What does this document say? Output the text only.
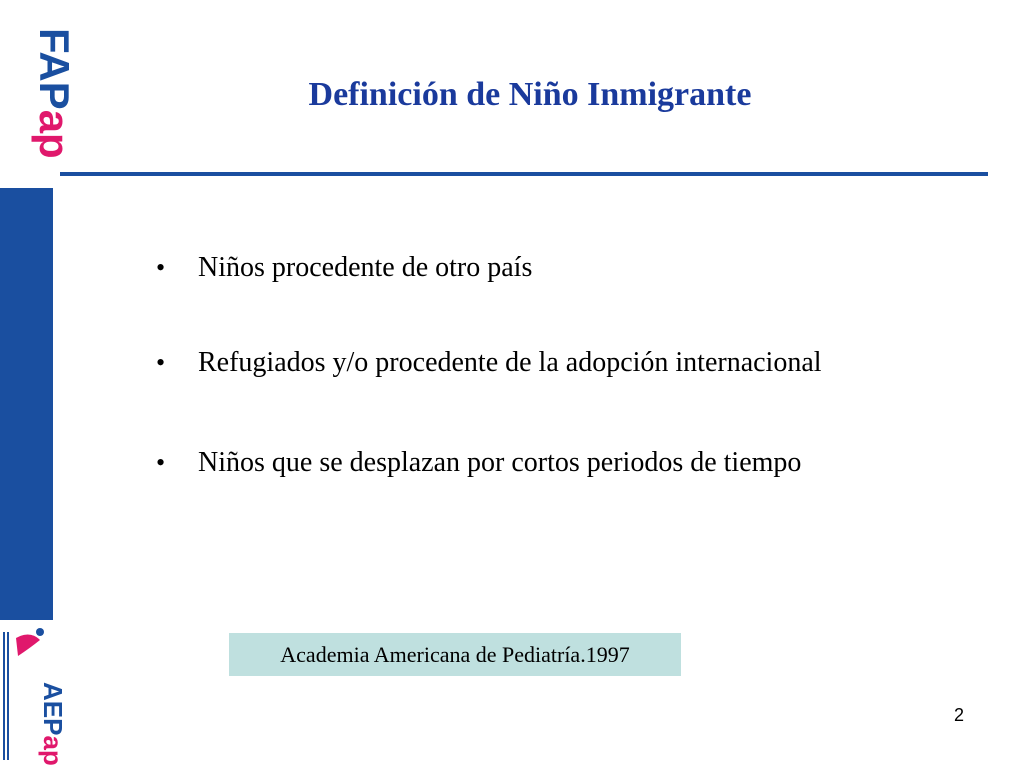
FAPap
AEPap
Definición de Niño Inmigrante
•	Niños procedente de otro país
•	Refugiados y/o procedente de la adopción internacional
•	Niños que se desplazan por cortos periodos de tiempo
Academia Americana de Pediatría.1997
2
